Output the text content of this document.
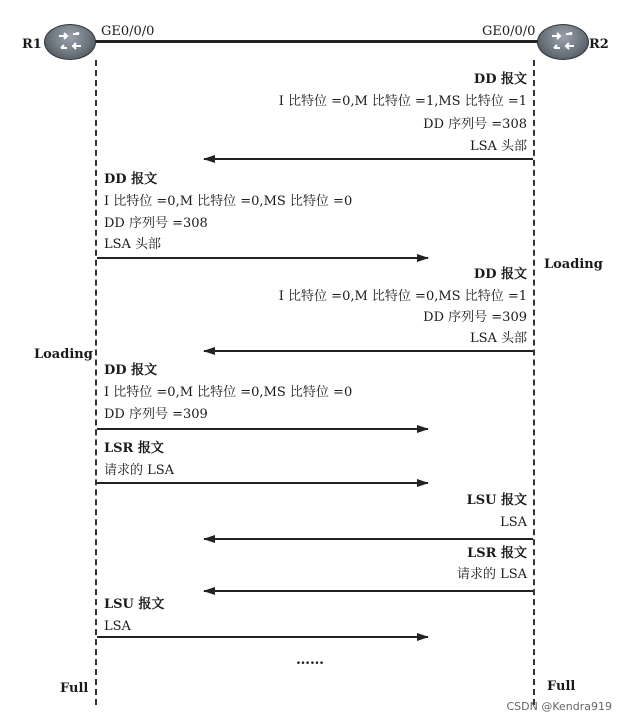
R1
GE0/0/0
R2
GE0/0/0
Loading
Loading
Full	Full
DD 报文
I 比特位 =0,M 比特位 =1,MS 比特位 =1
DD 序列号 =308
LSA 头部
DD 报文
I 比特位 =0,M 比特位 =0,MS 比特位 =0
DD 序列号 =308
LSA 头部
DD 报文
I 比特位 =0,M 比特位 =0,MS 比特位 =1
DD 序列号 =309
LSA 头部
DD 报文
I 比特位 =0,M 比特位 =0,MS 比特位 =0
DD 序列号 =309
LSR 报文
请求的 LSA
LSU 报文
LSA
LSR 报文
请求的 LSA
LSU 报文
LSA
……
CSDN @Kendra919
